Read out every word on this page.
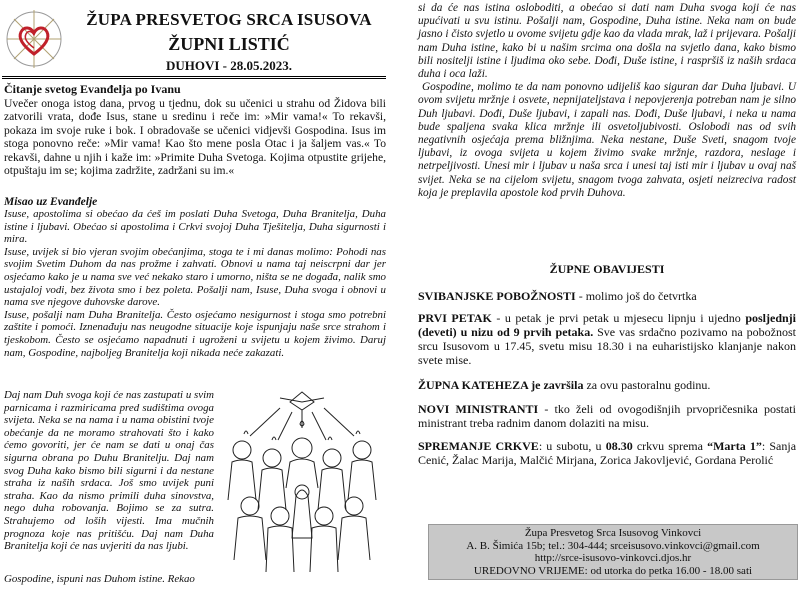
ŽUPA PRESVETOG SRCA ISUSOVA
ŽUPNI LISTIĆ
DUHOVI - 28.05.2023.
Čitanje svetog Evanđelja po Ivanu
Uvečer onoga istog dana, prvog u tjednu, dok su učenici u strahu od Židova bili zatvorili vrata, dođe Isus, stane u sredinu i reče im: »Mir vama!« To rekavši, pokaza im svoje ruke i bok. I obradovaše se učenici vidjevši Gospodina. Isus im stoga ponovno reče: »Mir vama! Kao što mene posla Otac i ja šaljem vas.« To rekavši, dahne u njih i kaže im: »Primite Duha Svetoga. Kojima otpustite grijehe, otpuštaju im se; kojima zadržite, zadržani su im.«
Misao uz Evanđelje
Isuse, apostolima si obećao da ćeš im poslati Duha Svetoga, Duha Branitelja, Duha istine i ljubavi. Obećao si apostolima i Crkvi svojoj Duha Tješitelja, Duha sigurnosti i mira.
Isuse, uvijek si bio vjeran svojim obećanjima, stoga te i mi danas molimo: Pohodi nas svojim Svetim Duhom da nas prožme i zahvati. Obnovi u nama taj neiscrpni dar jer osjećamo kako je u nama sve već nekako staro i umorno, ništa se ne događa, nalik smo ustajaloj vodi, bez života smo i bez poleta. Pošalji nam, Isuse, Duha svoga i obnovi u nama sve njegove duhovske darove.
Isuse, pošalji nam Duha Branitelja. Često osjećamo nesigurnost i stoga smo potrebni zaštite i pomoći. Iznenađuju nas neugodne situacije koje ispunjaju naše srce strahom i tjeskobom. Često se osjećamo napadnuti i ugroženi u svijetu u kojem živimo. Daruj nam, Gospodine, najboljeg Branitelja koji nikada neće zakazati.
Daj nam Duh svoga koji će nas zastupati u svim parnicama i razmiricama pred sudištima ovoga svijeta. Neka se na nama i u nama obistini tvoje obećanje da ne moramo strahovati što i kako ćemo govoriti, jer će nam se dati u onaj čas sigurna obrana po Duhu Branitelju. Daj nam svog Duha kako bismo bili sigurni i da nestane straha iz naših srdaca. Još smo uvijek puni straha. Kao da nismo primili duha sinovstva, nego duha robovanja. Bojimo se za sutra. Strahujemo od loših vijesti. Ima mučnih prognoza koje nas pritišću. Daj nam Duha Branitelja koji će nas uvjeriti da nas ljubi.
Gospodine, ispuni nas Duhom istine. Rekao
si da će nas istina osloboditi, a obećao si dati nam Duha svoga koji će nas upućivati u svu istinu. Pošalji nam, Gospodine, Duha istine. Neka nam on bude jasno i čisto svjetlo u ovome svijetu gdje kao da vlada mrak, laž i prijevara. Pošalji nam Duha istine, kako bi u našim srcima ona došla na svjetlo dana, kako bismo bili nositelji istine i ljudima oko sebe. Dođi, Duše istine, i raspršiš iz naših srdaca duha i oca laži.
Gospodine, molimo te da nam ponovno udijeliš kao siguran dar Duha ljubavi. U ovom svijetu mržnje i osvete, nepnijateljstava i nepovjerenja potreban nam je silno Duh ljubavi. Dođi, Duše ljubavi, i zapali nas. Dođi, Duše ljubavi, i neka u nama bude spaljena svaka klica mržnje ili osvetoljubivosti. Oslobodi nas od svih negativnih osjećaja prema bližnjima. Neka nestane, Duše Sveti, snagom tvoje ljubavi, iz ovoga svijeta u kojem živimo svake mržnje, razdora, neslage i netrpeljivosti. Unesi mir i ljubav u naša srca i unesi taj isti mir i ljubav u ovaj naš svijet. Neka se na cijelom svijetu, snagom tvoga zahvata, osjeti neizreciva radost koja je preplavila apostole kod prvih Duhova.
ŽUPNE OBAVIJESTI
SVIBANJSKE POBOŽNOSTI - molimo još do četvrtka
PRVI PETAK - u petak je prvi petak u mjesecu lipnju i ujedno posljednji (deveti) u nizu od 9 prvih petaka. Sve vas srdačno pozivamo na pobožnost srcu Isusovom u 17.45, svetu misu 18.30 i na euharistijsko klanjanje nakon svete mise.
ŽUPNA KATEHEZA je završila za ovu pastoralnu godinu.
NOVI MINISTRANTI - tko želi od ovogodišnjih prvopričesnika postati ministrant treba radnim danom dolaziti na misu.
SPREMANJE CRKVE: u subotu, u 08.30 crkvu sprema “Marta 1”: Sanja Cenić, Žalac Marija, Malčić Mirjana, Zorica Jakovljević, Gordana Perolić
Župa Presvetog Srca Isusovog Vinkovci
A. B. Šimića 15b; tel.: 304-444; srceisusovo.vinkovci@gmail.com
http://srce-isusovo-vinkovci.djos.hr
UREDOVNO VRIJEME: od utorka do petka 16.00 - 18.00 sati
